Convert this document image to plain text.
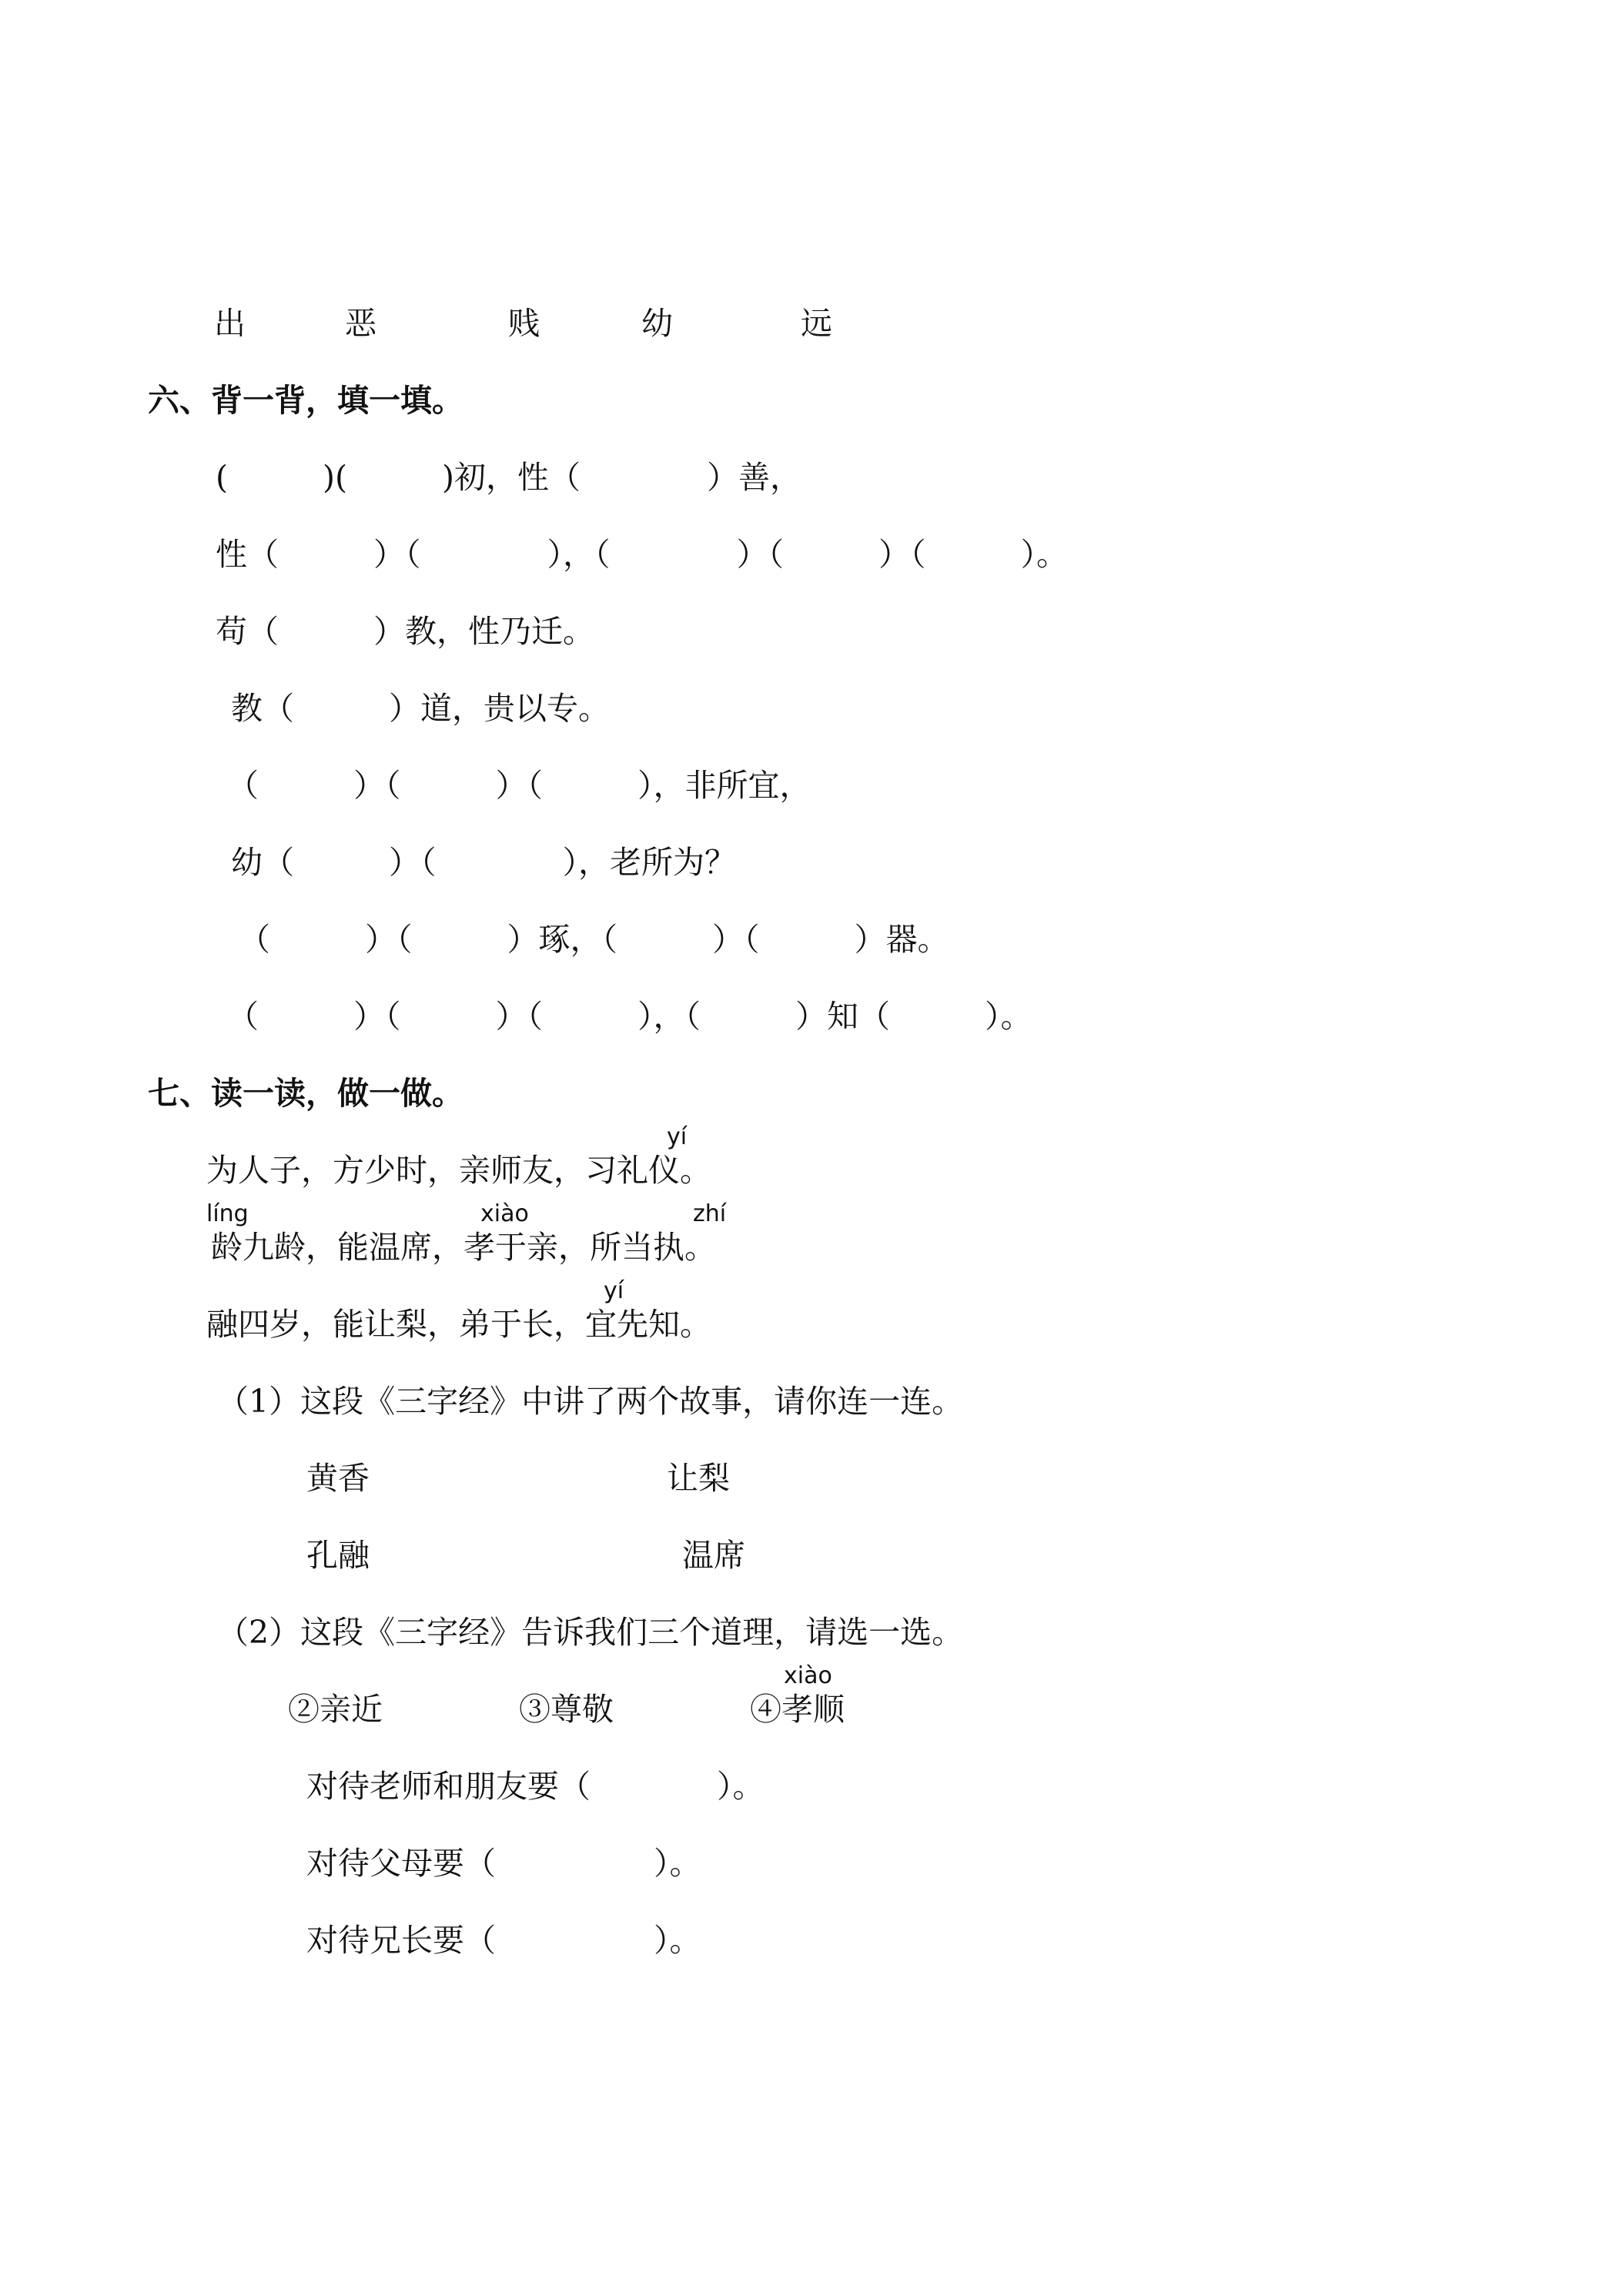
出	恶	贱	幼	远
六、背一背，填一填。
(　　　)(　　　)初，性（　　　　）善，
性（　　　）（　　　　），（　　　　）（　　　）（　　　）。
苟（　　　）教，性乃迁。
教（　　　）道，贵以专。
（　　　）（　　　）（　　　），非所宜，
幼（　　　）（　　　　），老所为？
（　　　）（　　　）琢，（　　　）（　　　）器。
（　　　）（　　　）（　　　），（　　　）知（　　　）。
七、读一读，做一做。
yí
为人子，方少时，亲师友，习礼仪。
líng	xiào	zhí
龄九龄，能温席，孝于亲，所当执。
yí
融四岁，能让梨，弟于长，宜先知。
（1）这段《三字经》中讲了两个故事，请你连一连。
黄香	让梨
孔融	温席
（2）这段《三字经》告诉我们三个道理，请选一选。
xiào
②亲近	③尊敬	④孝顺
对待老师和朋友要（　　　　）。
对待父母要（　　　　　）。
对待兄长要（　　　　　）。
